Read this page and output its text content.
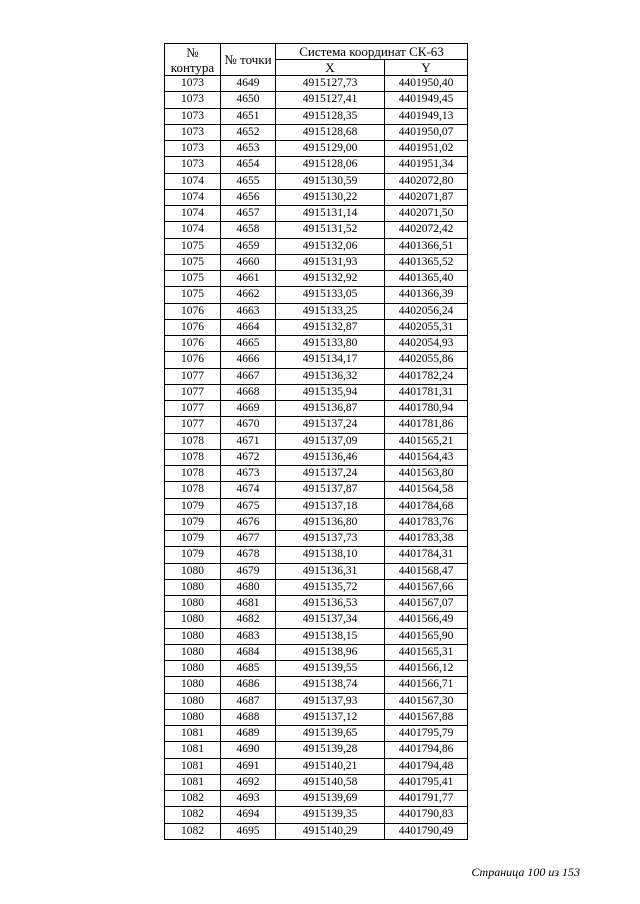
№ контура	№ точки	Система координат СК-63	
		X	Y
1073	4649	4915127,73	4401950,40
1073	4650	4915127,41	4401949,45
1073	4651	4915128,35	4401949,13
1073	4652	4915128,68	4401950,07
1073	4653	4915129,00	4401951,02
1073	4654	4915128,06	4401951,34
1074	4655	4915130,59	4402072,80
1074	4656	4915130,22	4402071,87
1074	4657	4915131,14	4402071,50
1074	4658	4915131,52	4402072,42
1075	4659	4915132,06	4401366,51
1075	4660	4915131,93	4401365,52
1075	4661	4915132,92	4401365,40
1075	4662	4915133,05	4401366,39
1076	4663	4915133,25	4402056,24
1076	4664	4915132,87	4402055,31
1076	4665	4915133,80	4402054,93
1076	4666	4915134,17	4402055,86
1077	4667	4915136,32	4401782,24
1077	4668	4915135,94	4401781,31
1077	4669	4915136,87	4401780,94
1077	4670	4915137,24	4401781,86
1078	4671	4915137,09	4401565,21
1078	4672	4915136,46	4401564,43
1078	4673	4915137,24	4401563,80
1078	4674	4915137,87	4401564,58
1079	4675	4915137,18	4401784,68
1079	4676	4915136,80	4401783,76
1079	4677	4915137,73	4401783,38
1079	4678	4915138,10	4401784,31
1080	4679	4915136,31	4401568,47
1080	4680	4915135,72	4401567,66
1080	4681	4915136,53	4401567,07
1080	4682	4915137,34	4401566,49
1080	4683	4915138,15	4401565,90
1080	4684	4915138,96	4401565,31
1080	4685	4915139,55	4401566,12
1080	4686	4915138,74	4401566,71
1080	4687	4915137,93	4401567,30
1080	4688	4915137,12	4401567,88
1081	4689	4915139,65	4401795,79
1081	4690	4915139,28	4401794,86
1081	4691	4915140,21	4401794,48
1081	4692	4915140,58	4401795,41
1082	4693	4915139,69	4401791,77
1082	4694	4915139,35	4401790,83
1082	4695	4915140,29	4401790,49
Страница 100 из 153
